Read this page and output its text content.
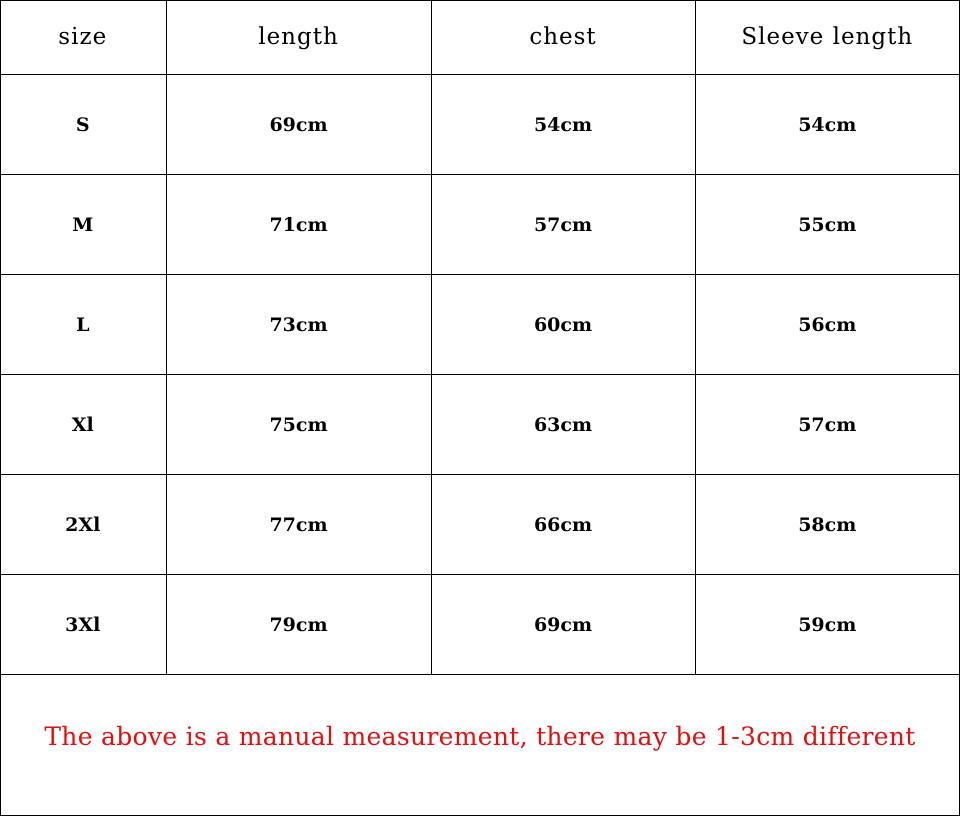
size	length	chest	Sleeve length
S	69cm	54cm	54cm
M	71cm	57cm	55cm
L	73cm	60cm	56cm
Xl	75cm	63cm	57cm
2Xl	77cm	66cm	58cm
3Xl	79cm	69cm	59cm
The above is a manual measurement, there may be 1-3cm different
